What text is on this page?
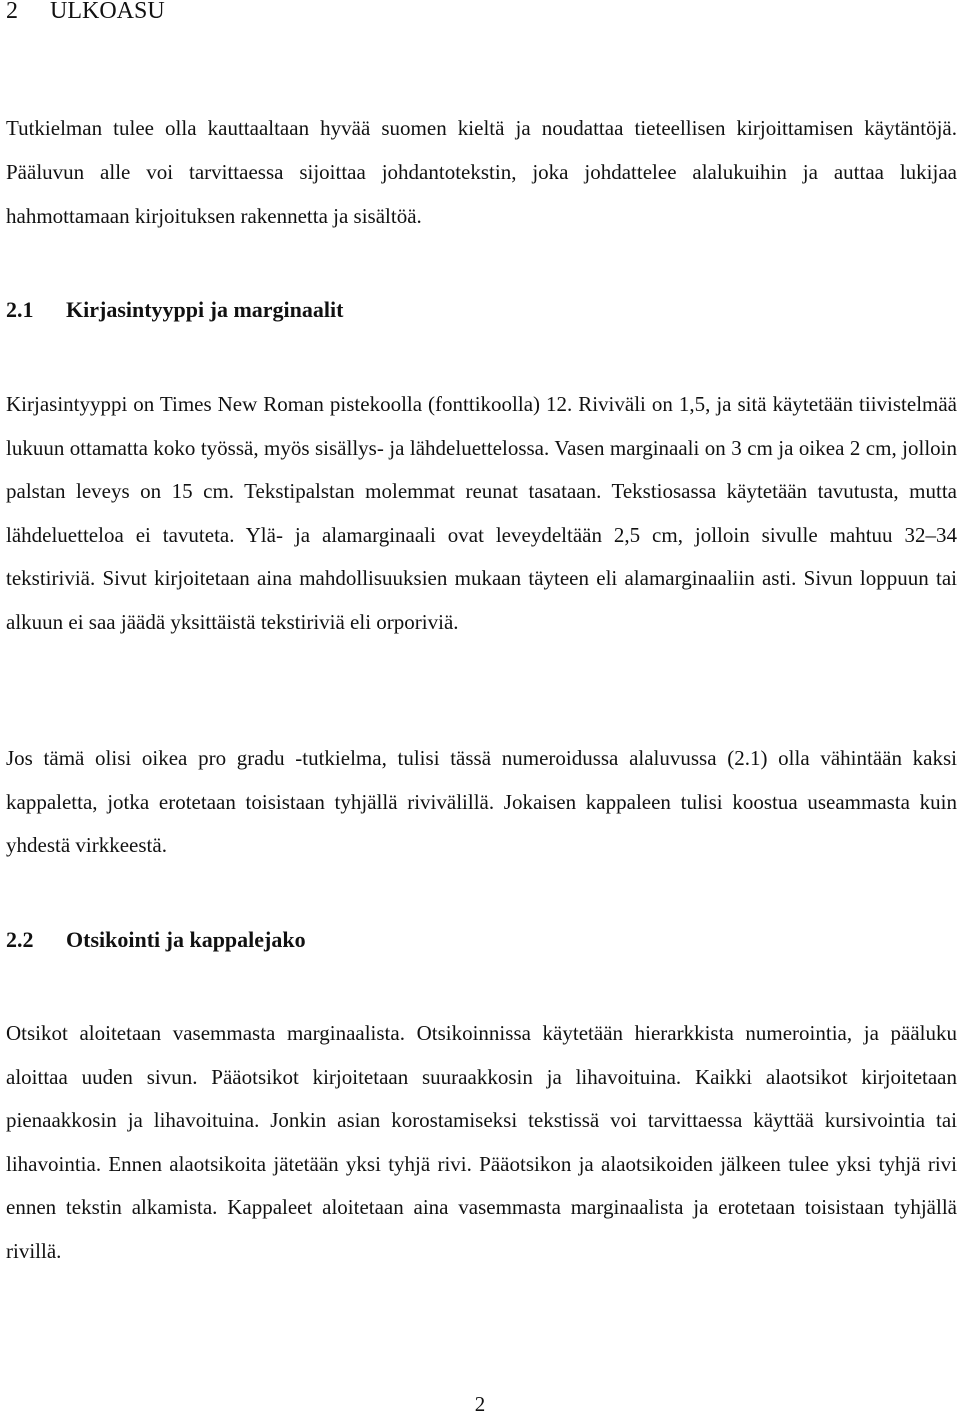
2 ULKOASU

Tutkielman tulee olla kauttaaltaan hyvää suomen kieltä ja noudattaa tieteellisen kirjoittamisen käytäntöjä. Pääluvun alle voi tarvittaessa sijoittaa johdantotekstin, joka johdattelee alalukuihin ja auttaa lukijaa hahmottamaan kirjoituksen rakennetta ja sisältöä.

2.1 Kirjasintyyppi ja marginaalit

Kirjasintyyppi on Times New Roman pistekoolla (fonttikoolla) 12. Riviväli on 1,5, ja sitä käytetään tiivistelmää lukuun ottamatta koko työssä, myös sisällys- ja lähdeluettelossa. Vasen marginaali on 3 cm ja oikea 2 cm, jolloin palstan leveys on 15 cm. Tekstipalstan molemmat reunat tasataan. Tekstiosassa käytetään tavutusta, mutta lähdeluetteloa ei tavuteta. Ylä- ja alamarginaali ovat leveydeltään 2,5 cm, jolloin sivulle mahtuu 32–34 tekstiriviä. Sivut kirjoitetaan aina mahdollisuuksien mukaan täyteen eli alamarginaaliin asti. Sivun loppuun tai alkuun ei saa jäädä yksittäistä tekstiriviä eli orporiviä.

Jos tämä olisi oikea pro gradu -tutkielma, tulisi tässä numeroidussa alaluvussa (2.1) olla vähintään kaksi kappaletta, jotka erotetaan toisistaan tyhjällä rivivälillä. Jokaisen kappaleen tulisi koostua useammasta kuin yhdestä virkkeestä.

2.2 Otsikointi ja kappalejako

Otsikot aloitetaan vasemmasta marginaalista. Otsikoinnissa käytetään hierarkkista numerointia, ja pääluku aloittaa uuden sivun. Pääotsikot kirjoitetaan suuraakkosin ja lihavoituina. Kaikki alaotsikot kirjoitetaan pienaakkosin ja lihavoituina. Jonkin asian korostamiseksi tekstissä voi tarvittaessa käyttää kursivointia tai lihavointia. Ennen alaotsikoita jätetään yksi tyhjä rivi. Pääotsikon ja alaotsikoiden jälkeen tulee yksi tyhjä rivi ennen tekstin alkamista. Kappaleet aloitetaan aina vasemmasta marginaalista ja erotetaan toisistaan tyhjällä rivillä.

2
